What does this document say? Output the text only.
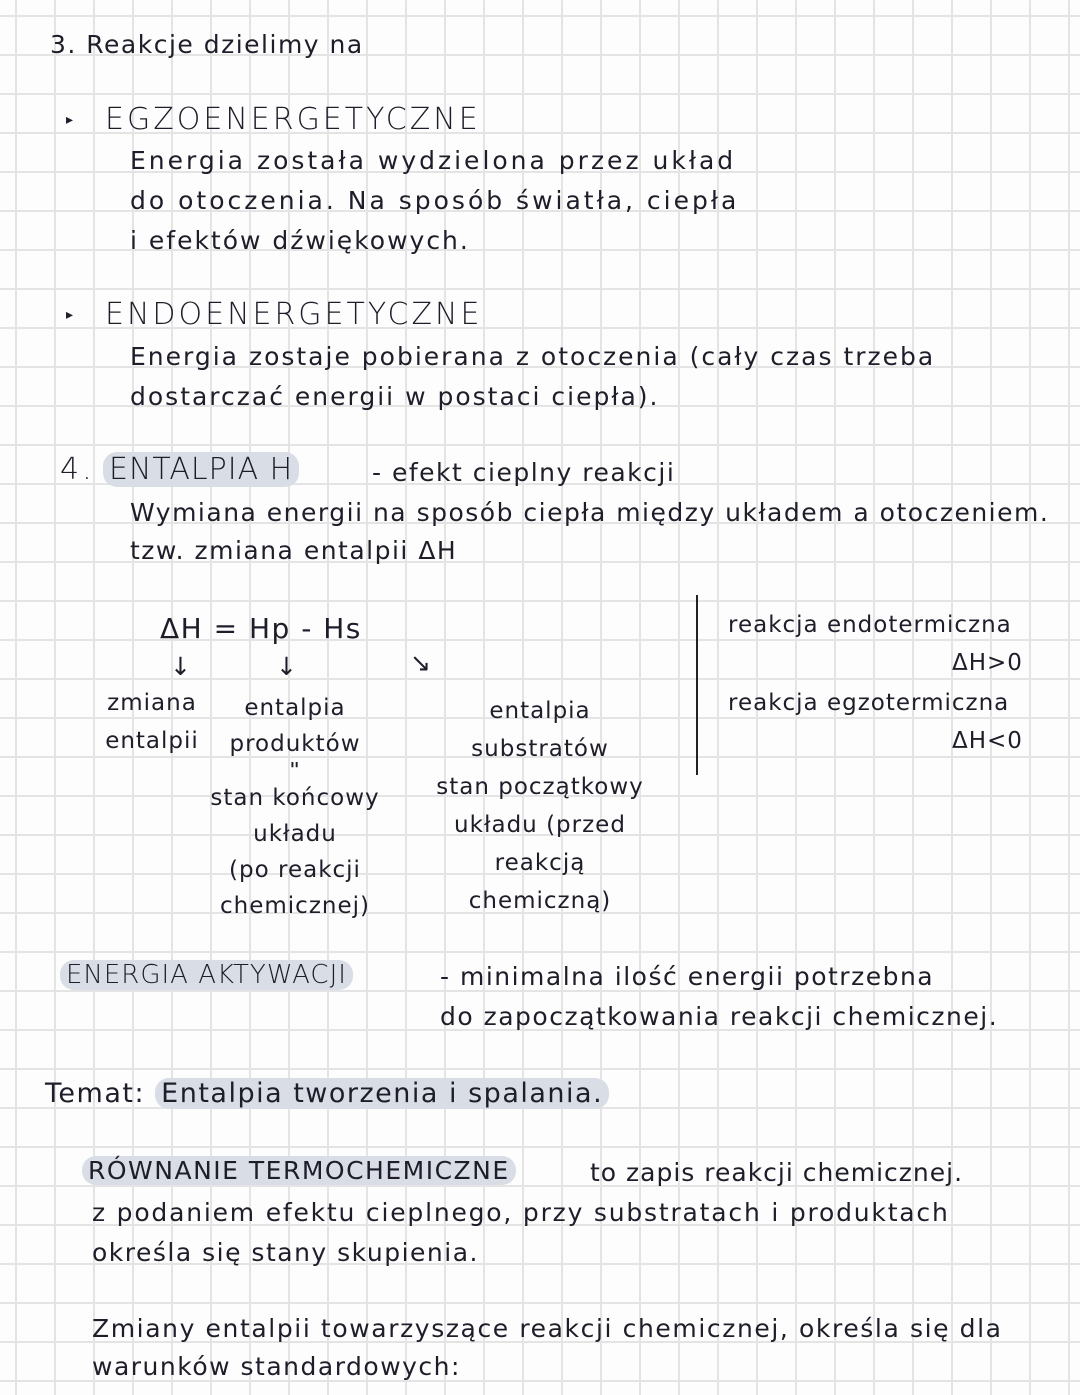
3. Reakcje dzielimy na
▸ EGZOENERGETYCZNE
Energia została wydzielona przez układ
do otoczenia. Na sposób światła, ciepła
i efektów dźwiękowych.
▸ ENDOENERGETYCZNE
Energia zostaje pobierana z otoczenia (cały czas trzeba
dostarczać energii w postaci ciepła).
4. ENTALPIA H	- efekt cieplny reakcji
Wymiana energii na sposób ciepła między układem a otoczeniem.
tzw. zmiana entalpii ΔH
ΔH = Hp - Hs
↓	↓	↘
zmiana
entalpii
entalpia
produktów
"
stan końcowy
układu
(po reakcji
chemicznej)
entalpia
substratów
stan początkowy
układu (przed
reakcją
chemiczną)
reakcja endotermiczna
ΔH>0
reakcja egzotermiczna
ΔH<0
ENERGIA AKTYWACJI	- minimalna ilość energii potrzebna
do zapoczątkowania reakcji chemicznej.
Temat: Entalpia tworzenia i spalania.
RÓWNANIE TERMOCHEMICZNE	to zapis reakcji chemicznej.
z podaniem efektu cieplnego, przy substratach i produktach
określa się stany skupienia.
Zmiany entalpii towarzyszące reakcji chemicznej, określa się dla
warunków standardowych:
